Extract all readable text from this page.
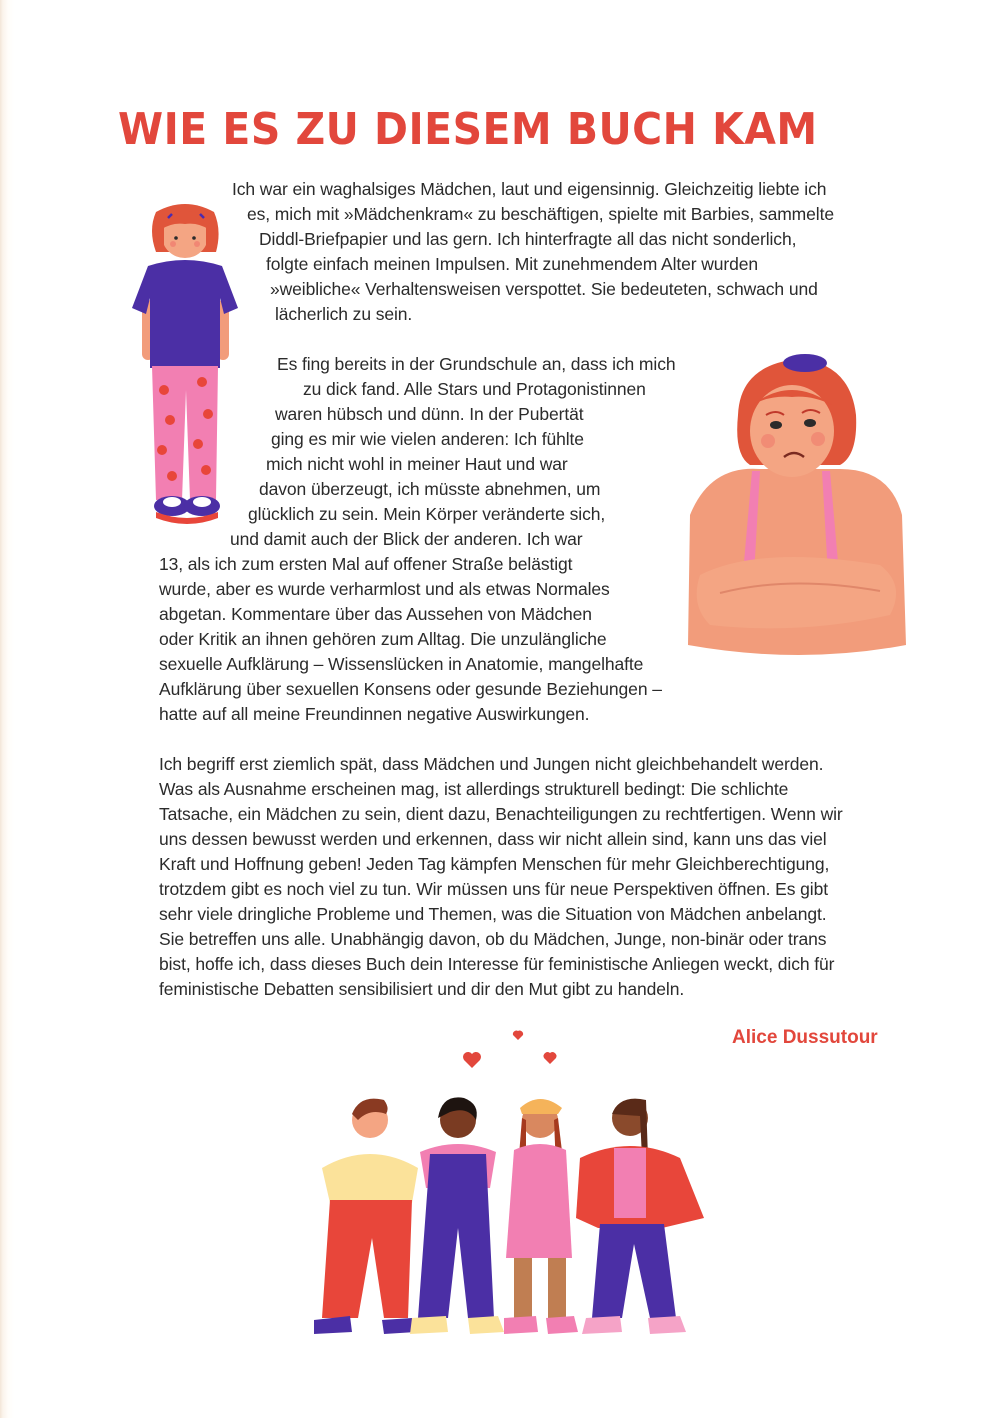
WIE ES ZU DIESEM BUCH KAM
Ich war ein waghalsiges Mädchen, laut und eigensinnig. Gleichzeitig liebte ich
es, mich mit »Mädchenkram« zu beschäftigen, spielte mit Barbies, sammelte
Diddl-Briefpapier und las gern. Ich hinterfragte all das nicht sonderlich,
folgte einfach meinen Impulsen. Mit zunehmendem Alter wurden
»weibliche« Verhaltensweisen verspottet. Sie bedeuteten, schwach und
lächerlich zu sein.
Es fing bereits in der Grundschule an, dass ich mich
zu dick fand. Alle Stars und Protagonistinnen
waren hübsch und dünn. In der Pubertät
ging es mir wie vielen anderen: Ich fühlte
mich nicht wohl in meiner Haut und war
davon überzeugt, ich müsste abnehmen, um
glücklich zu sein. Mein Körper veränderte sich,
und damit auch der Blick der anderen. Ich war
13, als ich zum ersten Mal auf offener Straße belästigt
wurde, aber es wurde verharmlost und als etwas Normales
abgetan. Kommentare über das Aussehen von Mädchen
oder Kritik an ihnen gehören zum Alltag. Die unzulängliche
sexuelle Aufklärung – Wissenslücken in Anatomie, mangelhafte
Aufklärung über sexuellen Konsens oder gesunde Beziehungen –
hatte auf all meine Freundinnen negative Auswirkungen.
Ich begriff erst ziemlich spät, dass Mädchen und Jungen nicht gleichbehandelt werden.
Was als Ausnahme erscheinen mag, ist allerdings strukturell bedingt: Die schlichte
Tatsache, ein Mädchen zu sein, dient dazu, Benachteiligungen zu rechtfertigen. Wenn wir
uns dessen bewusst werden und erkennen, dass wir nicht allein sind, kann uns das viel
Kraft und Hoffnung geben! Jeden Tag kämpfen Menschen für mehr Gleichberechtigung,
trotzdem gibt es noch viel zu tun. Wir müssen uns für neue Perspektiven öffnen. Es gibt
sehr viele dringliche Probleme und Themen, was die Situation von Mädchen anbelangt.
Sie betreffen uns alle. Unabhängig davon, ob du Mädchen, Junge, non-binär oder trans
bist, hoffe ich, dass dieses Buch dein Interesse für feministische Anliegen weckt, dich für
feministische Debatten sensibilisiert und dir den Mut gibt zu handeln.
Alice Dussutour
